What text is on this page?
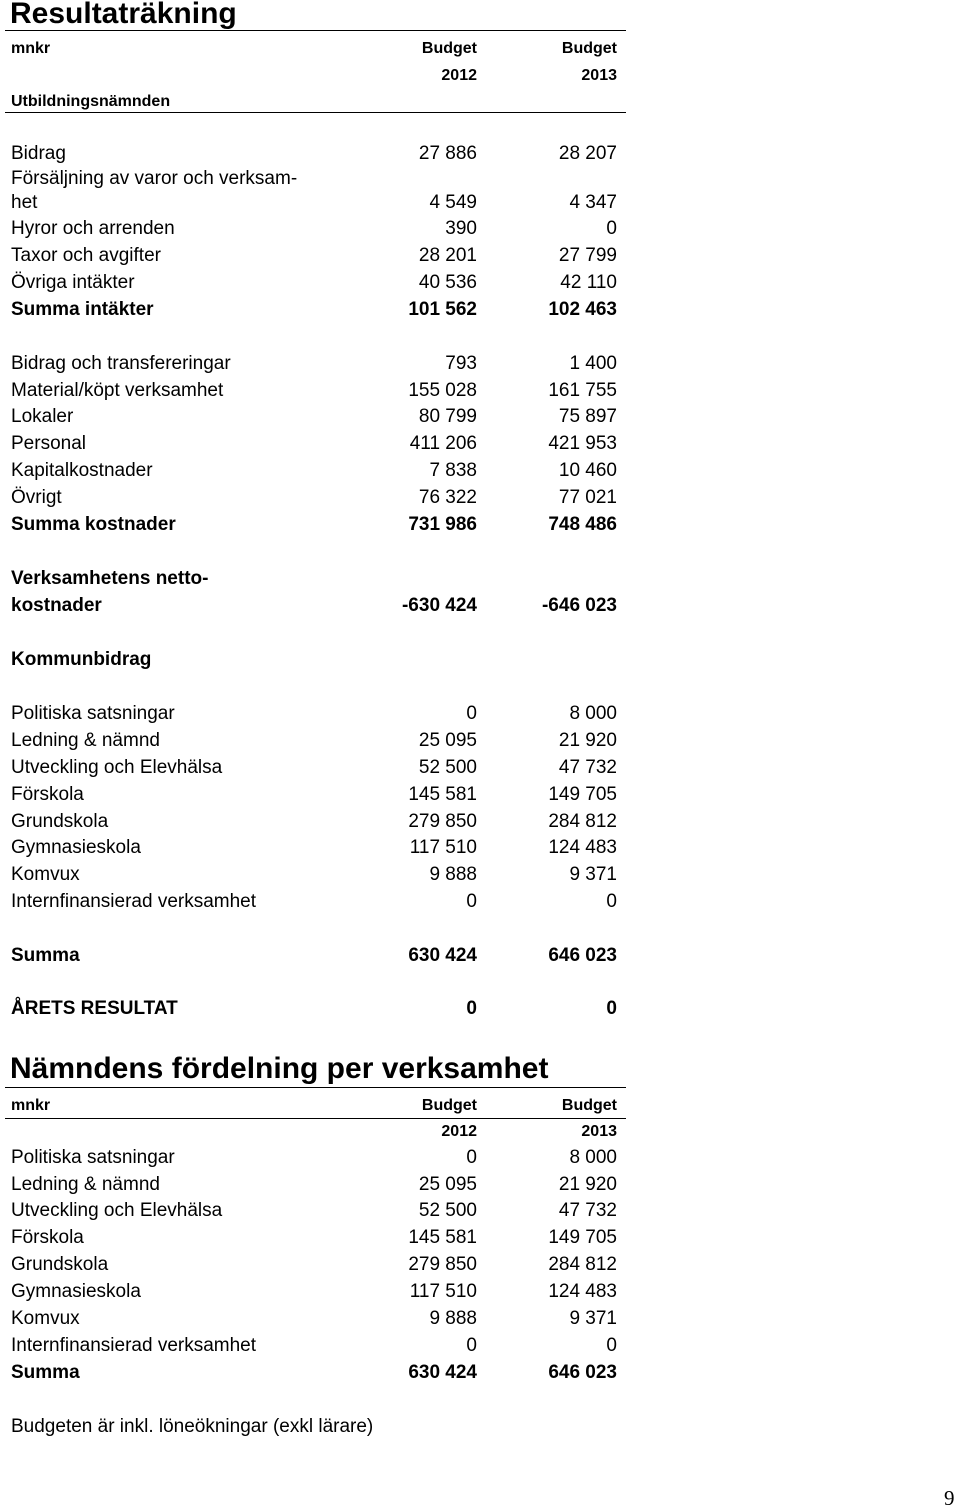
Resultaträkning
mnkr	Budget	Budget
2012	2013
Utbildningsnämnden
Bidrag	27 886	28 207
Försäljning av varor och verksam-
het	4 549	4 347
Hyror och arrenden	390	0
Taxor och avgifter	28 201	27 799
Övriga intäkter	40 536	42 110
Summa intäkter	101 562	102 463
Bidrag och transfereringar	793	1 400
Material/köpt verksamhet	155 028	161 755
Lokaler	80 799	75 897
Personal	411 206	421 953
Kapitalkostnader	7 838	10 460
Övrigt	76 322	77 021
Summa kostnader	731 986	748 486
Verksamhetens netto-
kostnader	-630 424	-646 023
Kommunbidrag
Politiska satsningar	0	8 000
Ledning & nämnd	25 095	21 920
Utveckling och Elevhälsa	52 500	47 732
Förskola	145 581	149 705
Grundskola	279 850	284 812
Gymnasieskola	117 510	124 483
Komvux	9 888	9 371
Internfinansierad verksamhet	0	0
Summa	630 424	646 023
ÅRETS RESULTAT	0	0
Nämndens fördelning per verksamhet
mnkr	Budget	Budget
2012	2013
Politiska satsningar	0	8 000
Ledning & nämnd	25 095	21 920
Utveckling och Elevhälsa	52 500	47 732
Förskola	145 581	149 705
Grundskola	279 850	284 812
Gymnasieskola	117 510	124 483
Komvux	9 888	9 371
Internfinansierad verksamhet	0	0
Summa	630 424	646 023
Budgeten är inkl. löneökningar (exkl lärare)
9
